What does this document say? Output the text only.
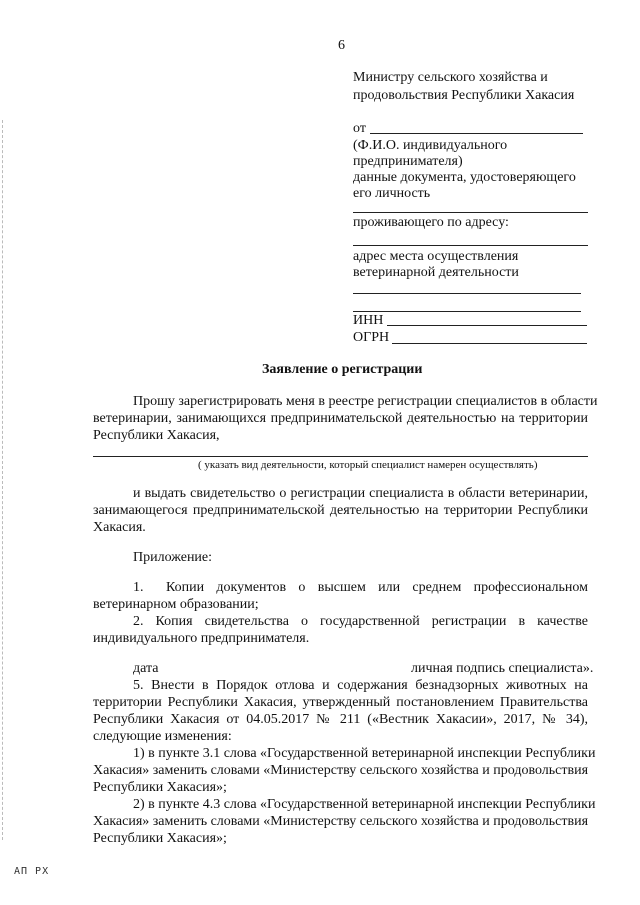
6
Министру сельского хозяйства и
продовольствия Республики Хакасия
от
(Ф.И.О. индивидуального
предпринимателя)
данные документа, удостоверяющего
его личность
проживающего по адресу:
адрес места осуществления
ветеринарной деятельности
ИНН
ОГРН
Заявление о регистрации
Прошу зарегистрировать меня в реестре регистрации специалистов в области
ветеринарии, занимающихся предпринимательской деятельностью на территории
Республики Хакасия,
( указать вид деятельности, который специалист намерен осуществлять)
и выдать свидетельство о регистрации специалиста в области ветеринарии,
занимающегося предпринимательской деятельностью на территории Республики
Хакасия.
Приложение:
1. Копии документов о высшем или среднем профессиональном
ветеринарном образовании;
2. Копия свидетельства о государственной регистрации в качестве
индивидуального предпринимателя.
дата	личная подпись специалиста».
5. Внести в Порядок отлова и содержания безнадзорных животных на
территории Республики Хакасия, утвержденный постановлением Правительства
Республики Хакасия от 04.05.2017 № 211 («Вестник Хакасии», 2017, № 34),
следующие изменения:
1) в пункте 3.1 слова «Государственной ветеринарной инспекции Республики
Хакасия» заменить словами «Министерству сельского хозяйства и продовольствия
Республики Хакасия»;
2) в пункте 4.3 слова «Государственной ветеринарной инспекции Республики
Хакасия» заменить словами «Министерству сельского хозяйства и продовольствия
Республики Хакасия»;
АП РХ
